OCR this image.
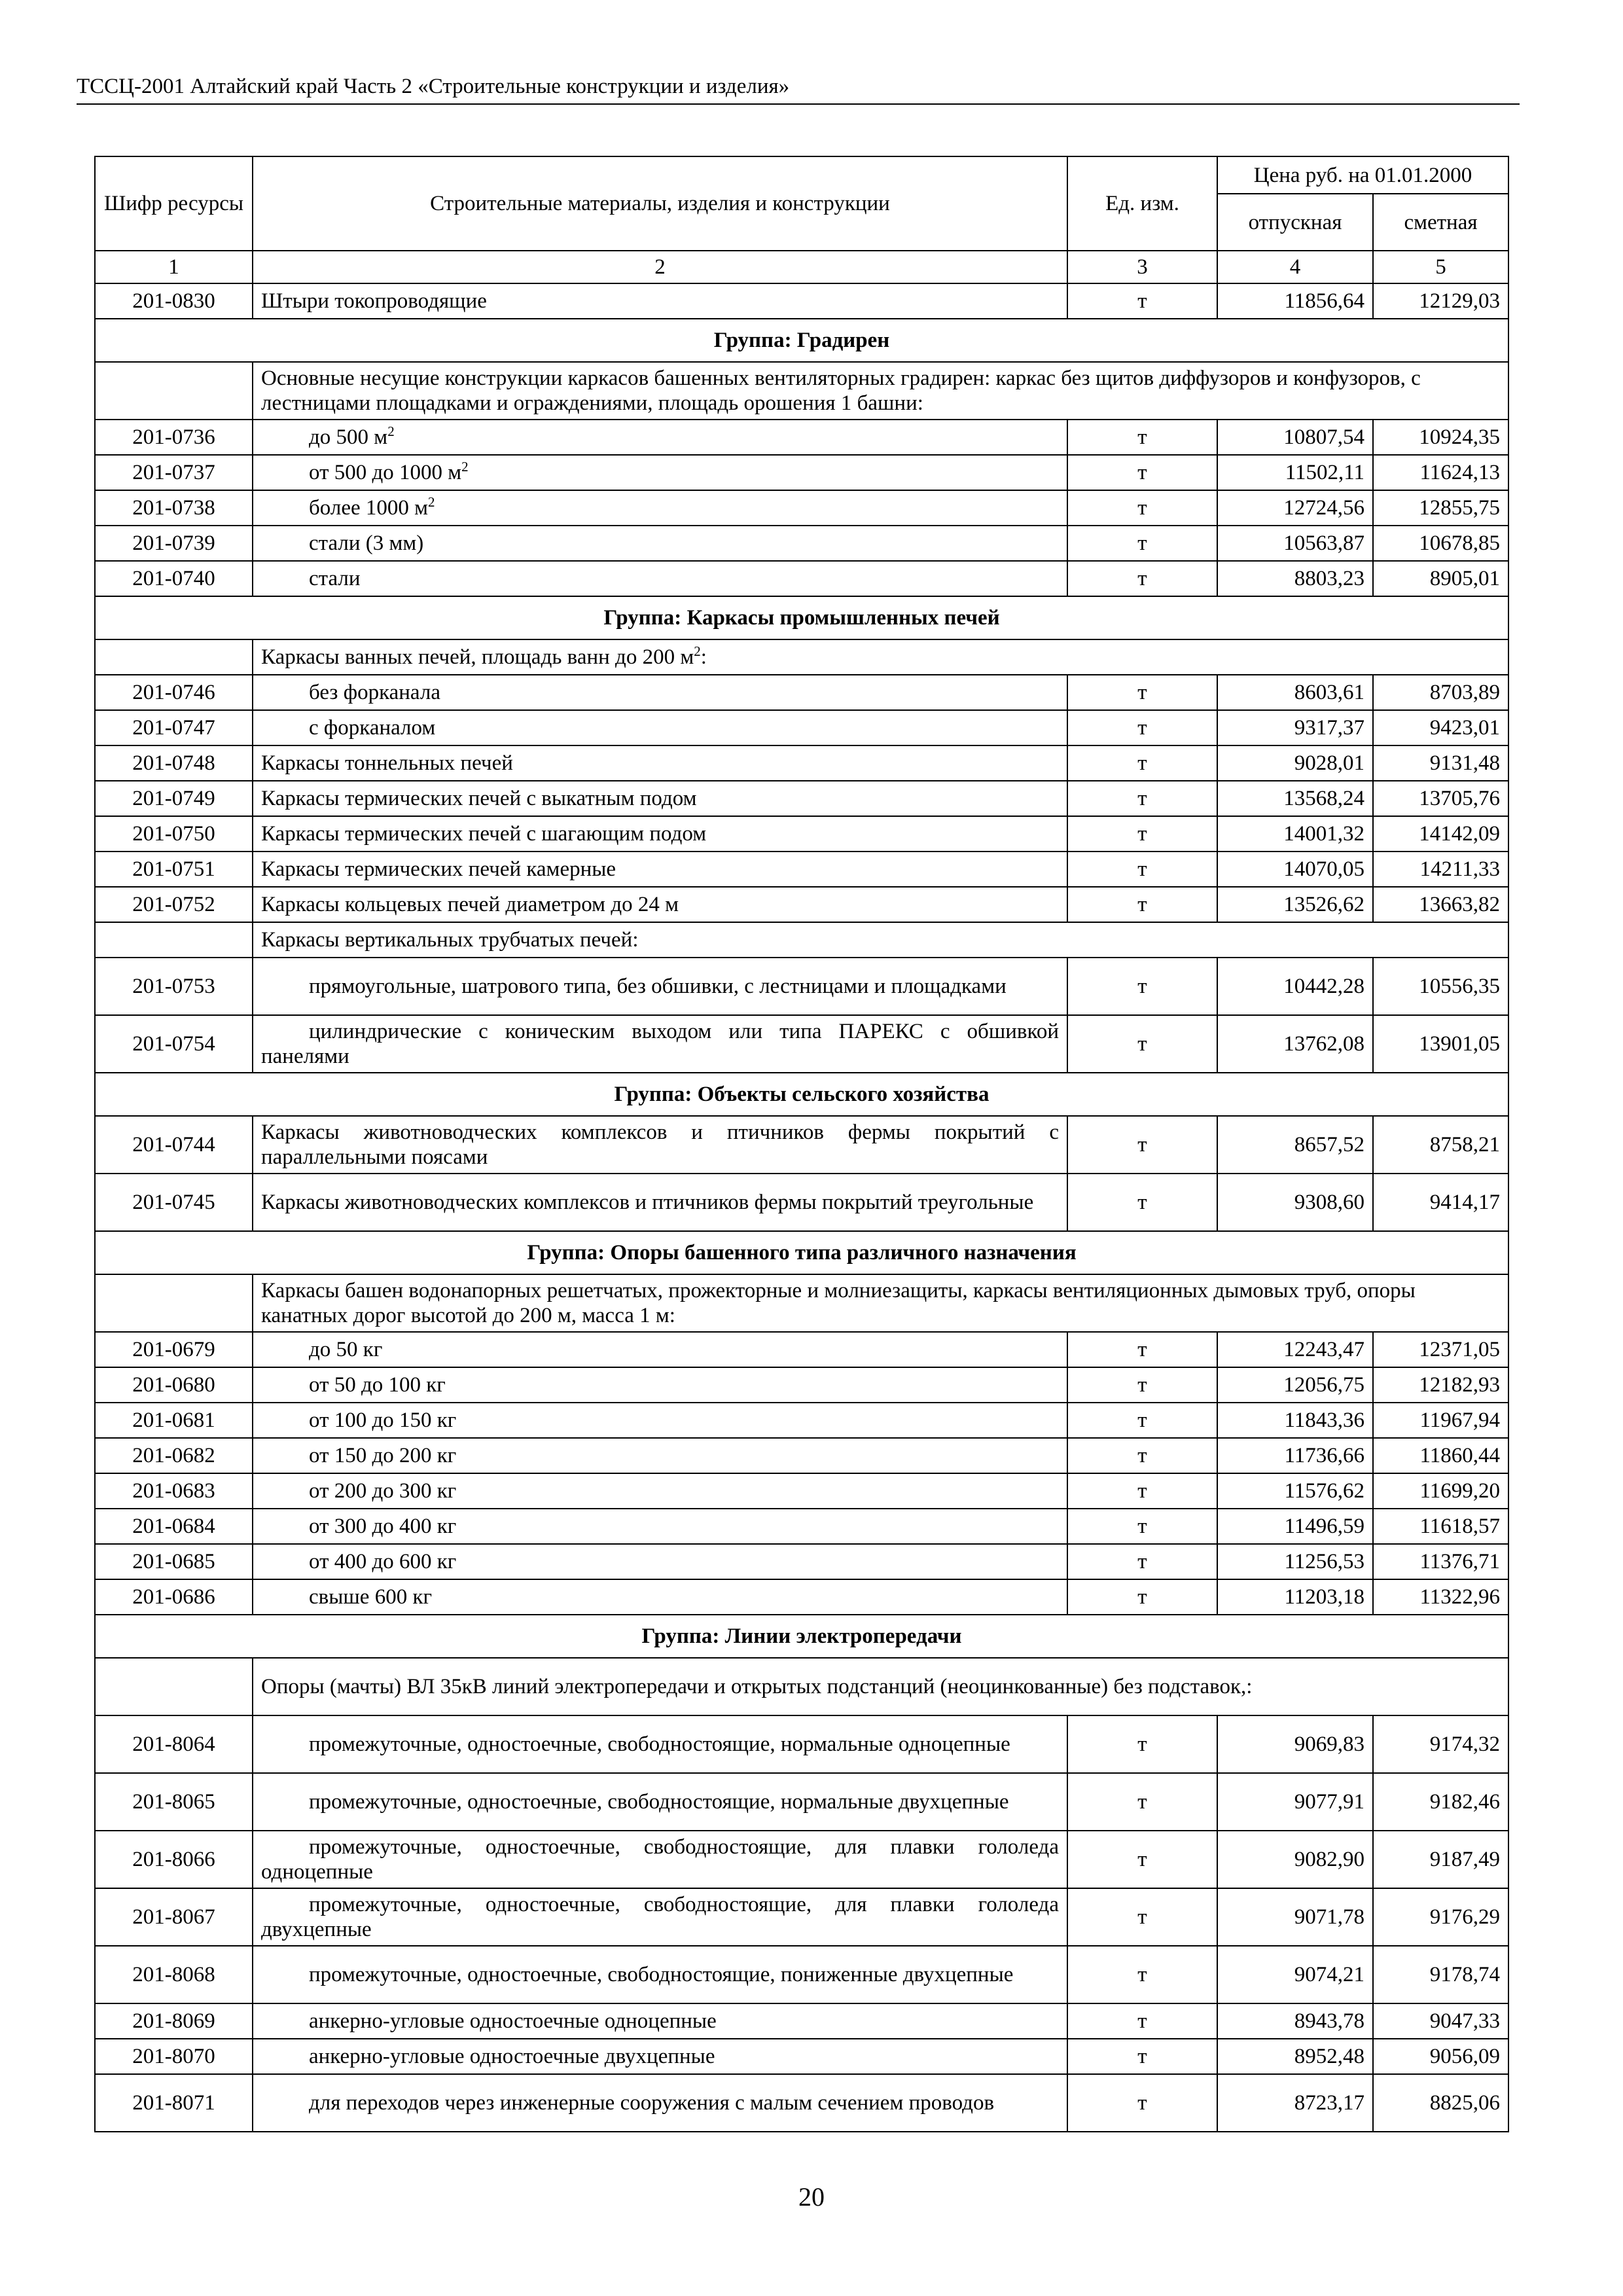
ТССЦ-2001 Алтайский край Часть 2 «Строительные конструкции и изделия»
Шифр ресурсы	Строительные материалы, изделия и конструкции	Ед. изм.	Цена руб. на 01.01.2000	
			отпускная	сметная
1	2	3	4	5
201-0830	Штыри токопроводящие	т	11856,64	12129,03
Группа: Градирен				
	Основные несущие конструкции каркасов башенных вентиляторных градирен: каркас без щитов диффузоров и конфузоров, с лестницами площадками и ограждениями, площадь орошения 1 башни:			
201-0736	до 500 $м^2$	т	10807,54	10924,35
201-0737	от 500 до 1000 $м^2$	т	11502,11	11624,13
201-0738	более 1000 $м^2$	т	12724,56	12855,75
201-0739	стали (3 мм)	т	10563,87	10678,85
201-0740	стали	т	8803,23	8905,01
Группа: Каркасы промышленных печей				
	Каркасы ванных печей, площадь ванн до 200 $м^2$:			
201-0746	без форканала	т	8603,61	8703,89
201-0747	с форканалом	т	9317,37	9423,01
201-0748	Каркасы тоннельных печей	т	9028,01	9131,48
201-0749	Каркасы термических печей с выкатным подом	т	13568,24	13705,76
201-0750	Каркасы термических печей с шагающим подом	т	14001,32	14142,09
201-0751	Каркасы термических печей камерные	т	14070,05	14211,33
201-0752	Каркасы кольцевых печей диаметром до 24 м	т	13526,62	13663,82
	Каркасы вертикальных трубчатых печей:			
201-0753	прямоугольные, шатрового типа, без обшивки, с лестницами и площадками	т	10442,28	10556,35
201-0754	цилиндрические с коническим выходом или типа ПАРЕКС с обшивкой панелями	т	13762,08	13901,05
Группа: Объекты сельского хозяйства				
201-0744	Каркасы животноводческих комплексов и птичников фермы покрытий с параллельными поясами	т	8657,52	8758,21
201-0745	Каркасы животноводческих комплексов и птичников фермы покрытий треугольные	т	9308,60	9414,17
Группа: Опоры башенного типа различного назначения				
	Каркасы башен водонапорных решетчатых, прожекторные и молниезащиты, каркасы вентиляционных дымовых труб, опоры канатных дорог высотой до 200 м, масса 1 м:			
201-0679	до 50 кг	т	12243,47	12371,05
201-0680	от 50 до 100 кг	т	12056,75	12182,93
201-0681	от 100 до 150 кг	т	11843,36	11967,94
201-0682	от 150 до 200 кг	т	11736,66	11860,44
201-0683	от 200 до 300 кг	т	11576,62	11699,20
201-0684	от 300 до 400 кг	т	11496,59	11618,57
201-0685	от 400 до 600 кг	т	11256,53	11376,71
201-0686	свыше 600 кг	т	11203,18	11322,96
Группа: Линии электропередачи				
	Опоры (мачты) ВЛ 35кВ линий электропередачи и открытых подстанций (неоцинкованные) без подставок,:			
201-8064	промежуточные, одностоечные, свободностоящие, нормальные одноцепные	т	9069,83	9174,32
201-8065	промежуточные, одностоечные, свободностоящие, нормальные двухцепные	т	9077,91	9182,46
201-8066	промежуточные, одностоечные, свободностоящие, для плавки гололеда одноцепные	т	9082,90	9187,49
201-8067	промежуточные, одностоечные, свободностоящие, для плавки гололеда двухцепные	т	9071,78	9176,29
201-8068	промежуточные, одностоечные, свободностоящие, пониженные двухцепные	т	9074,21	9178,74
201-8069	анкерно-угловые одностоечные одноцепные	т	8943,78	9047,33
201-8070	анкерно-угловые одностоечные двухцепные	т	8952,48	9056,09
201-8071	для переходов через инженерные сооружения с малым сечением проводов	т	8723,17	8825,06
20
